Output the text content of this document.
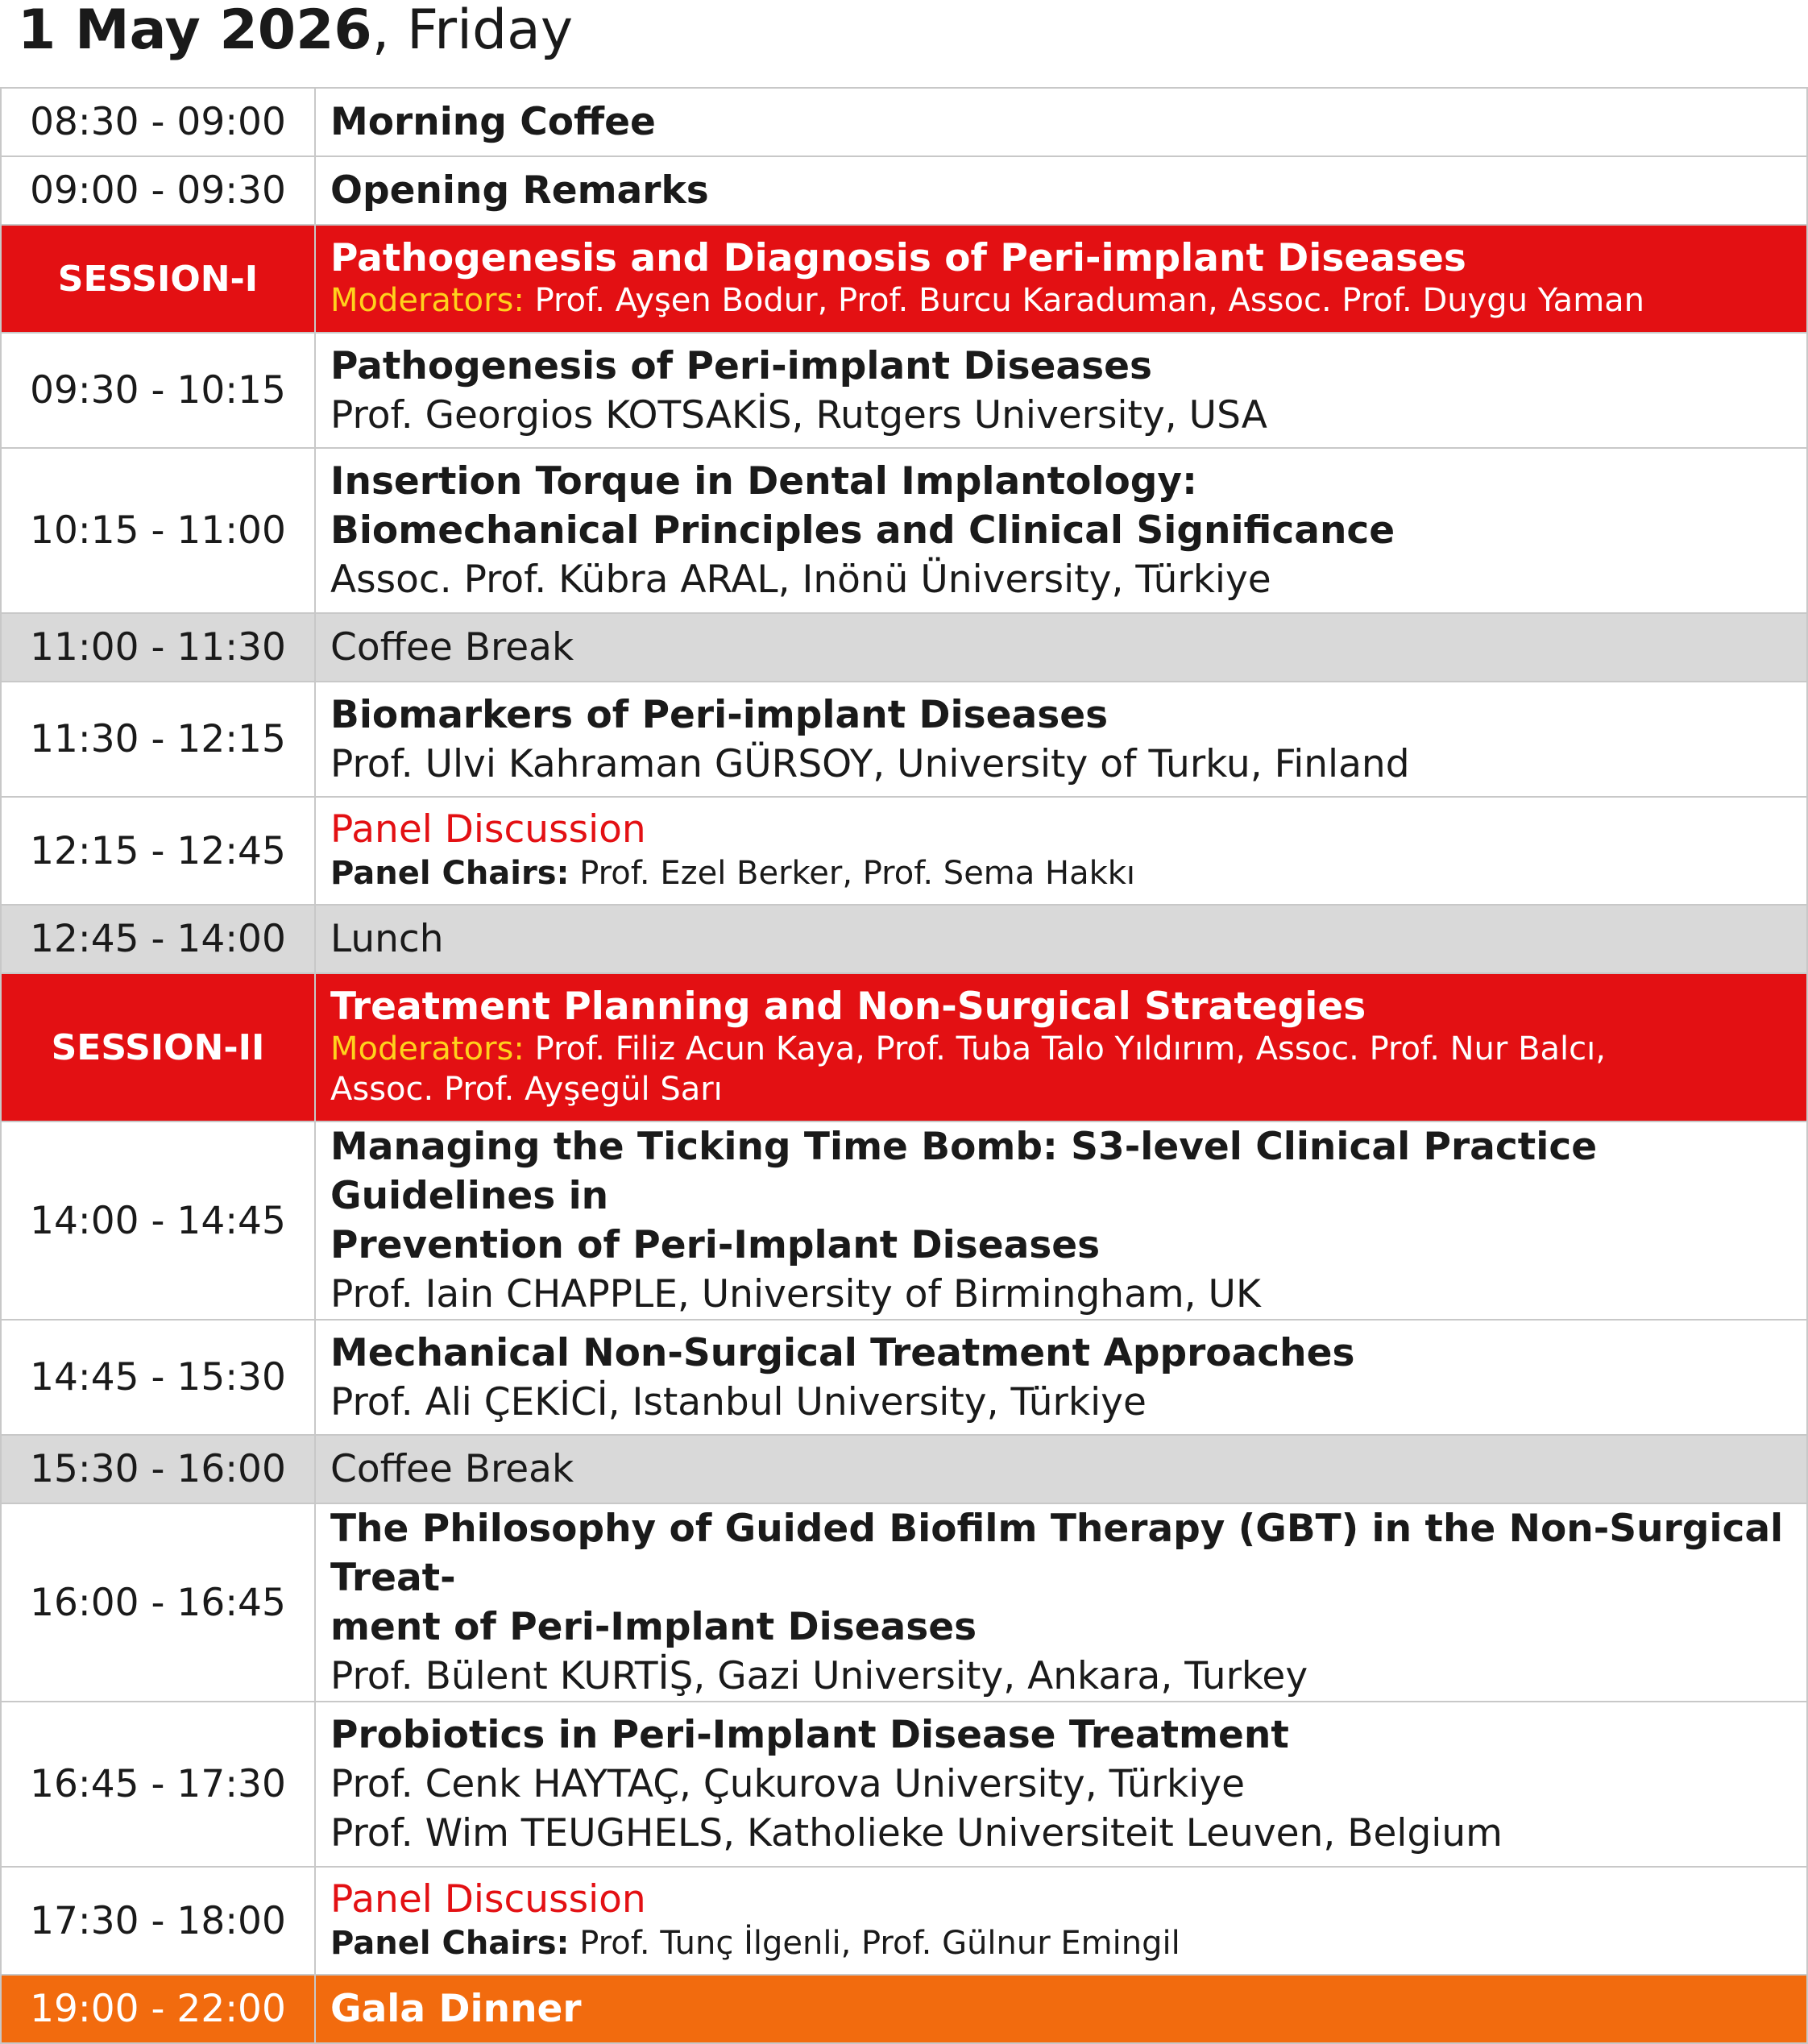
1 May 2026, Friday
08:30 - 09:00	Morning Coffee

09:00 - 09:30	Opening Remarks

SESSION-I	Pathogenesis and Diagnosis of Peri-implant Diseases
Moderators: Prof. Ayşen Bodur, Prof. Burcu Karaduman, Assoc. Prof. Duygu Yaman

09:30 - 10:15	Pathogenesis of Peri-implant Diseases
Prof. Georgios KOTSAKİS, Rutgers University, USA

10:15 - 11:00	Insertion Torque in Dental Implantology:
Biomechanical Principles and Clinical Significance
Assoc. Prof. Kübra ARAL, Inönü Üniversity, Türkiye

11:00 - 11:30	Coffee Break

11:30 - 12:15	Biomarkers of Peri-implant Diseases
Prof. Ulvi Kahraman GÜRSOY, University of Turku, Finland

12:15 - 12:45	Panel Discussion
Panel Chairs: Prof. Ezel Berker, Prof. Sema Hakkı

12:45 - 14:00	Lunch

SESSION-II	Treatment Planning and Non-Surgical Strategies
Moderators: Prof. Filiz Acun Kaya, Prof. Tuba Talo Yıldırım, Assoc. Prof. Nur Balcı,
Assoc. Prof. Ayşegül Sarı

14:00 - 14:45	Managing the Ticking Time Bomb: S3-level Clinical Practice Guidelines in
Prevention of Peri-Implant Diseases
Prof. Iain CHAPPLE, University of Birmingham, UK

14:45 - 15:30	Mechanical Non-Surgical Treatment Approaches
Prof. Ali ÇEKİCİ, Istanbul University, Türkiye

15:30 - 16:00	Coffee Break

16:00 - 16:45	The Philosophy of Guided Biofilm Therapy (GBT) in the Non-Surgical Treat-
ment of Peri-Implant Diseases
Prof. Bülent KURTİŞ, Gazi University, Ankara, Turkey

16:45 - 17:30	Probiotics in Peri-Implant Disease Treatment
Prof. Cenk HAYTAÇ, Çukurova University, Türkiye
Prof. Wim TEUGHELS, Katholieke Universiteit Leuven, Belgium

17:30 - 18:00	Panel Discussion
Panel Chairs: Prof. Tunç İlgenli, Prof. Gülnur Emingil

19:00 - 22:00	Gala Dinner
